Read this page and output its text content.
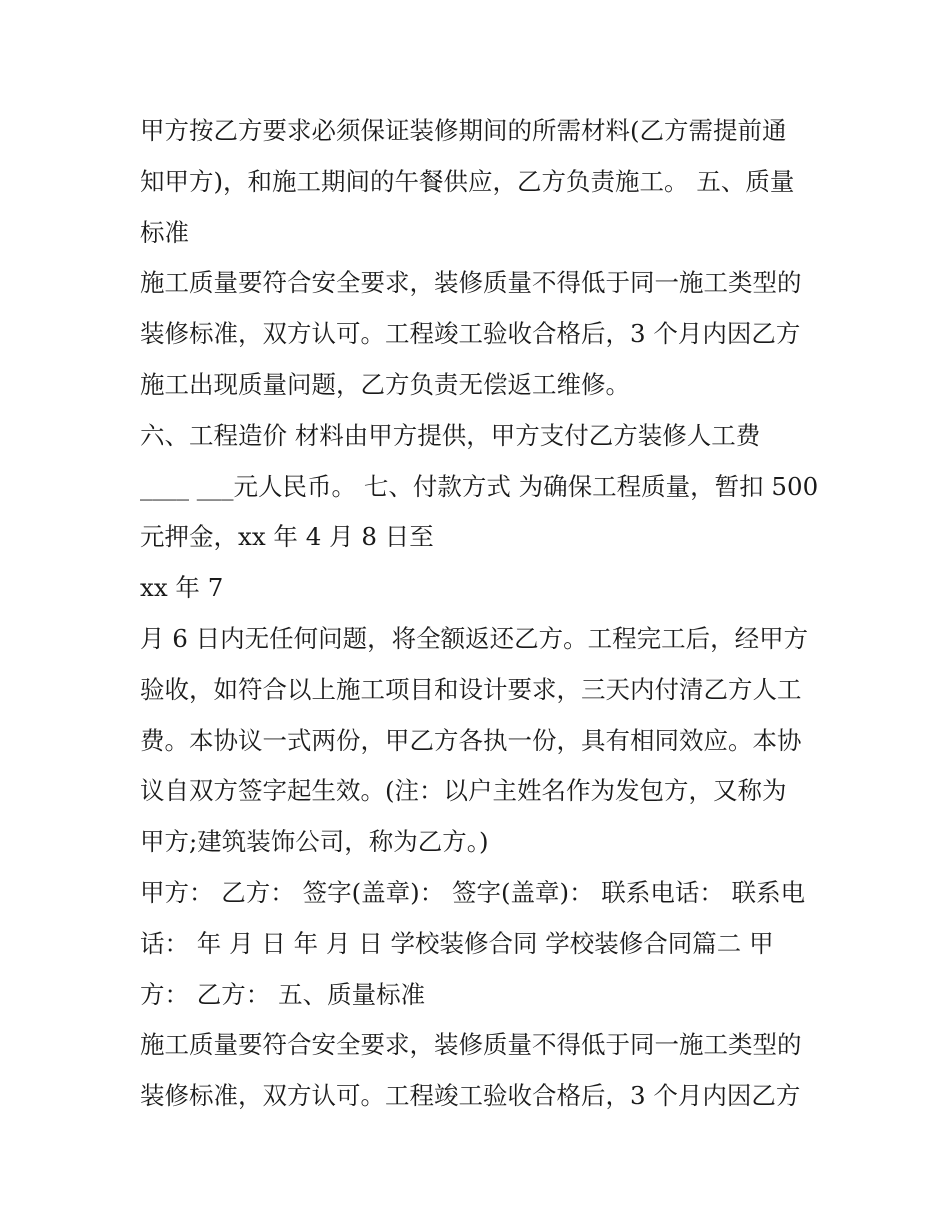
甲方按乙方要求必须保证装修期间的所需材料(乙方需提前通
知甲方)，和施工期间的午餐供应，乙方负责施工。 五、质量
标准
施工质量要符合安全要求，装修质量不得低于同一施工类型的
装修标准，双方认可。工程竣工验收合格后，3 个月内因乙方
施工出现质量问题，乙方负责无偿返工维修。
六、工程造价 材料由甲方提供，甲方支付乙方装修人工费
____ ___元人民币。 七、付款方式 为确保工程质量，暂扣 500
元押金，xx 年 4 月 8 日至
xx 年 7
月 6 日内无任何问题，将全额返还乙方。工程完工后，经甲方
验收，如符合以上施工项目和设计要求，三天内付清乙方人工
费。本协议一式两份，甲乙方各执一份，具有相同效应。本协
议自双方签字起生效。(注：以户主姓名作为发包方，又称为
甲方;建筑装饰公司，称为乙方。)
甲方： 乙方： 签字(盖章)： 签字(盖章)： 联系电话： 联系电
话： 年 月 日 年 月 日 学校装修合同 学校装修合同篇二 甲
方： 乙方： 五、质量标准
施工质量要符合安全要求，装修质量不得低于同一施工类型的
装修标准，双方认可。工程竣工验收合格后，3 个月内因乙方
